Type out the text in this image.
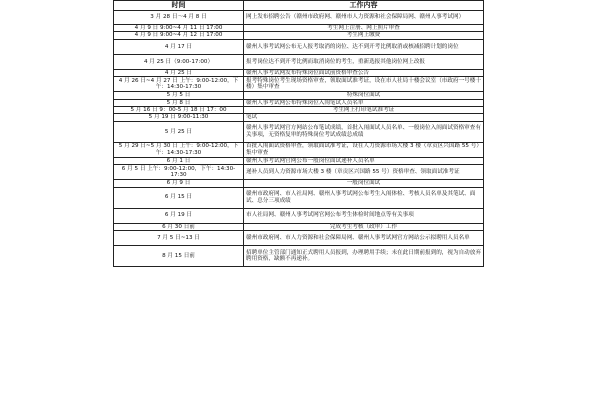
时间	工作内容
3 月 28 日～4 月 8 日	网上发布招聘公告（赣州市政府网、赣州市人力资源和社会保障局网、赣州人事考试网）
4 月 9 日 9:00~4 月 11 日 17:00	考生网上注册、网上照片审查
4 月 9 日 9:00~4 月 12 日 17:00	考生网上缴费
4 月 17 日	赣州人事考试网公布无人报考取消的岗位、达不到开考比例取消或核减招聘计划的岗位
4 月 25 日（9:00-17:00）	报考岗位达不到开考比例而取消岗位的考生，重新选报其他岗位网上改报
4 月 25 日	赣州人事考试网发布特殊岗位面试前资格审查公告
4 月 26 日~4 月 27 日 上午：9:00-12:00，下午：14:30-17:30	报考特殊岗位考生现场资格审查，领取面试准考证，设在市人社局十楼会议室（市政府一号楼十楼）集中审查
5 月 5 日	特殊岗位面试
5 月 8 日	赣州人事考试网公布特殊岗位入闱笔试人员名单
5 月 16 日 9：00-5 月 18 日 17：00	考生网上打印笔试准考证
5 月 19 日 9:00-11:30	笔试
5 月 25 日	赣州人事考试网官方网站公布笔试成绩，首批入闱面试人员名单、一般岗位入闱面试资格审查有关事项，无资格复审的特殊岗位考试成绩总成绩
5 月 29 日~5 月 30 日 上午：9:00-12:00，下午：14:30-17:30	首批入闱面试资格审查，领取面试准考证，设在人力资源市场大楼 3 楼（章贡区兴国路 55 号）集中审查
6 月 1 日	赣州人事考试网官网公布一般岗位面试递补人员名单
6 月 5 日 上午：9:00-12:00，下午：14:30-17:30	递补人员到人力资源市场大楼 3 楼（章贡区兴国路 55 号）资格审查、领取面试准考证
6 月 9 日	一般岗位面试
6 月 15 日	赣州市政府网、市人社局网、赣州人事考试网公布考生入闱体检、考核人员名单及其笔试、面试、总分三项成绩
6 月 19 日	市人社局网、赣州人事考试网官网公布考生体检时间地点等有关事项
6 月 30 日前	完成考生考核（政审）工作
7 月 5 日~13 日	赣州市政府网、市人力资源和社会保障局网、赣州人事考试网官方网站公示拟聘用人员名单
8 月 15 日前	招聘单位主管部门通知正式聘用人员报到，办理聘用手续；未在此日期前报到的，视为自动放弃聘用资格，缺额不再递补。
